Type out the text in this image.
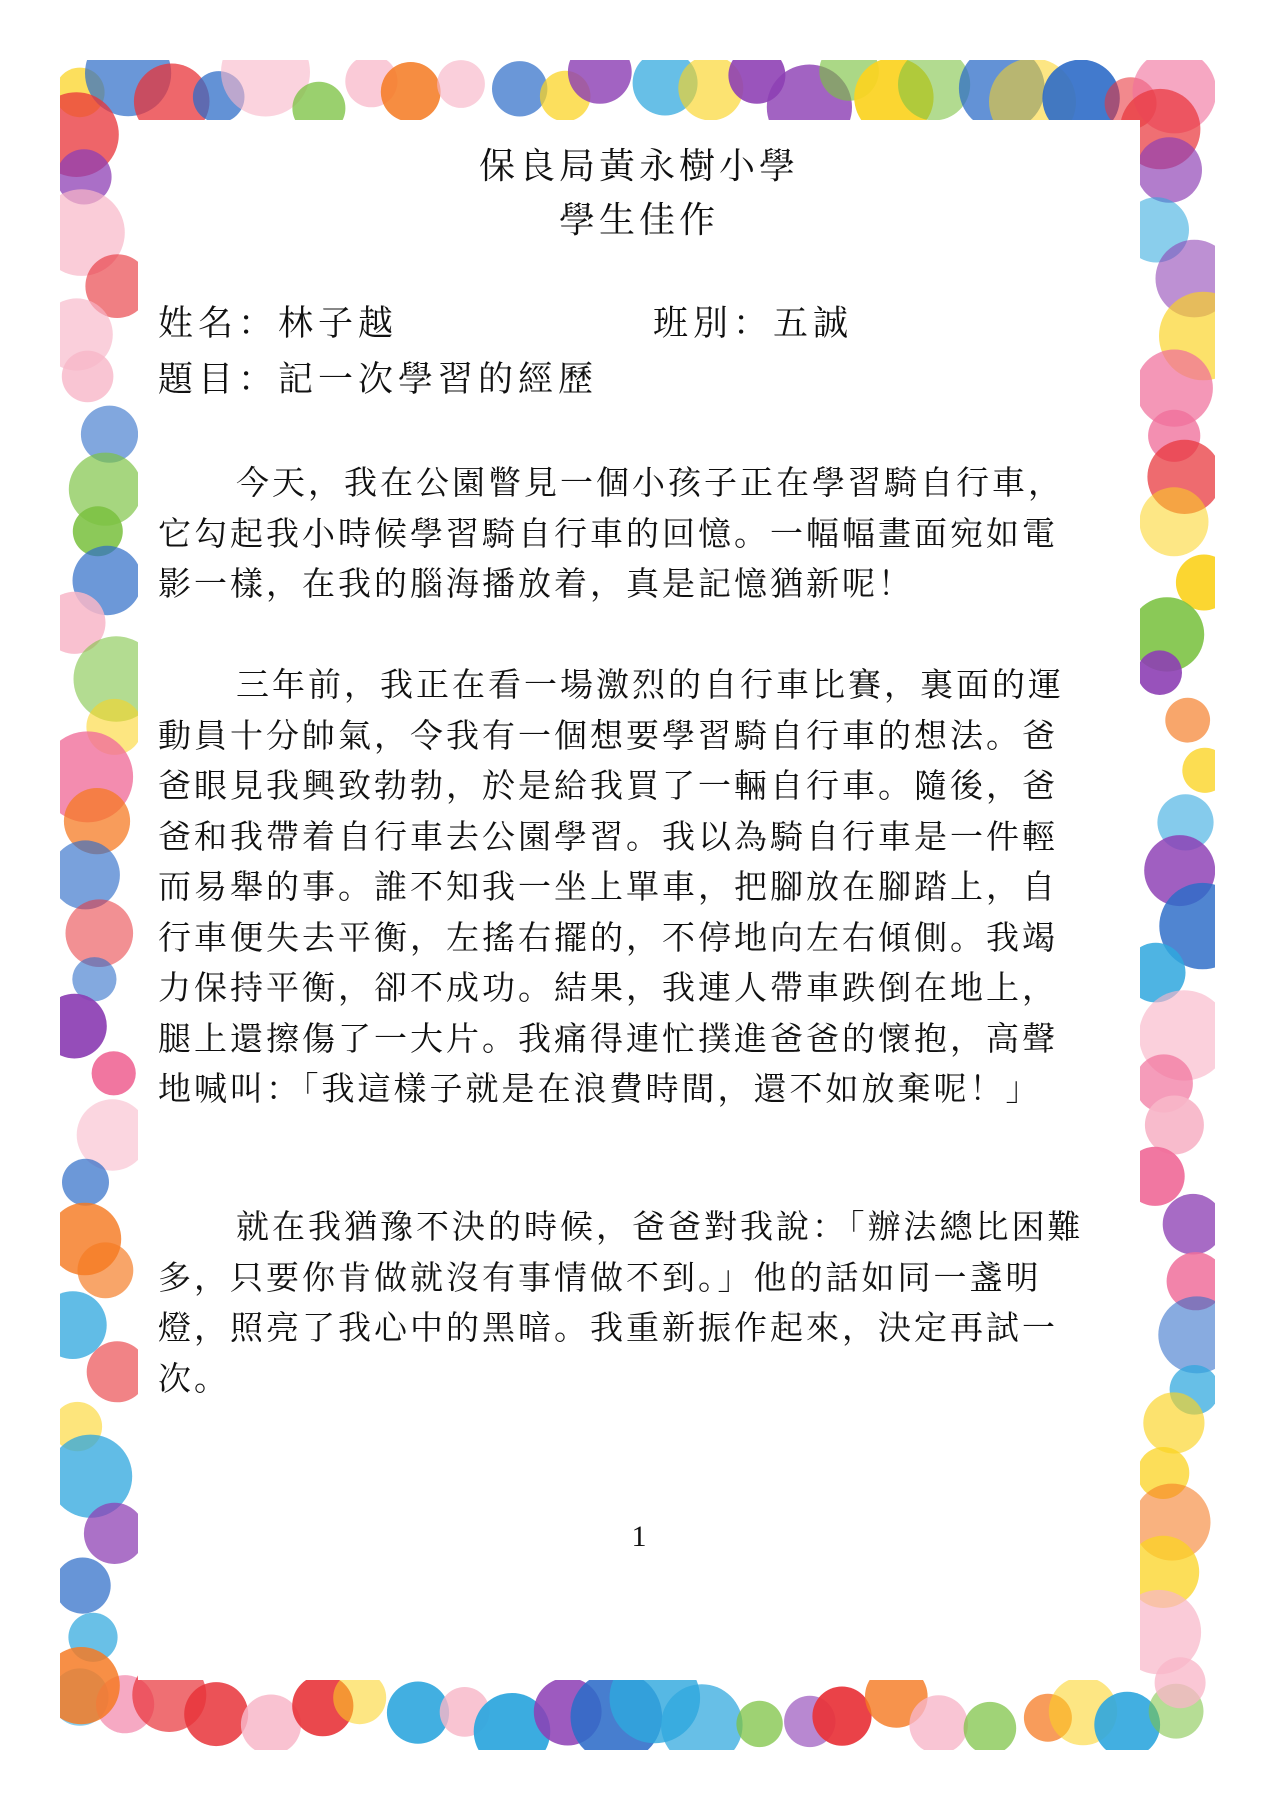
保良局黃永樹小學
學生佳作
姓名：林子越	班別：五誠
題目：記一次學習的經歷

今天，我在公園瞥見一個小孩子正在學習騎自行車，它勾起我小時候學習騎自行車的回憶。一幅幅畫面宛如電影一樣，在我的腦海播放着，真是記憶猶新呢！

三年前，我正在看一場激烈的自行車比賽，裏面的運動員十分帥氣，令我有一個想要學習騎自行車的想法。爸爸眼見我興致勃勃，於是給我買了一輛自行車。隨後，爸爸和我帶着自行車去公園學習。我以為騎自行車是一件輕而易舉的事。誰不知我一坐上單車，把腳放在腳踏上，自行車便失去平衡，左搖右擺的，不停地向左右傾側。我竭力保持平衡，卻不成功。結果，我連人帶車跌倒在地上，腿上還擦傷了一大片。我痛得連忙撲進爸爸的懷抱，高聲地喊叫：「我這樣子就是在浪費時間，還不如放棄呢！」

就在我猶豫不決的時候，爸爸對我說：「辦法總比困難多，只要你肯做就沒有事情做不到。」他的話如同一盞明燈，照亮了我心中的黑暗。我重新振作起來，決定再試一次。

1
